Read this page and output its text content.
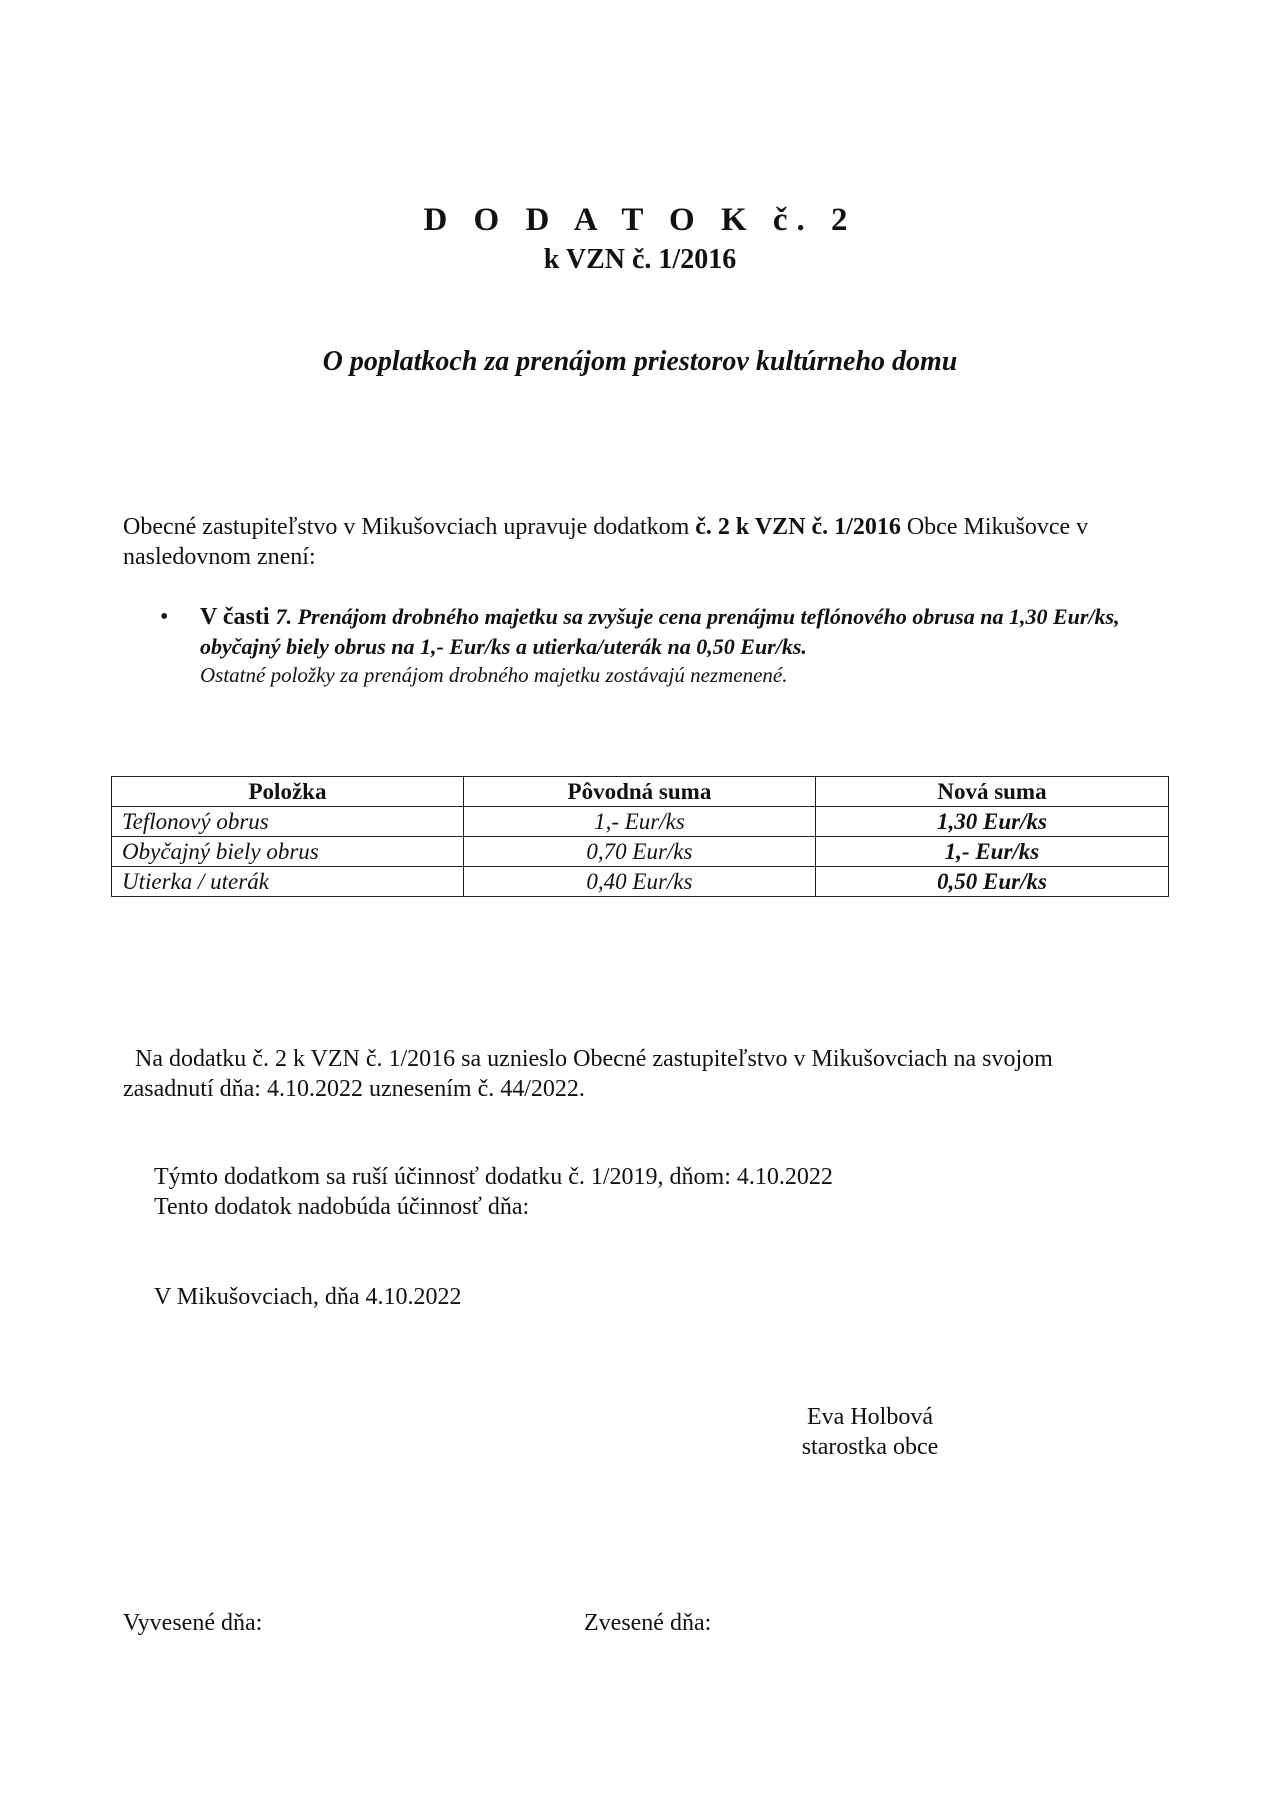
D O D A T O K č. 2
k VZN č. 1/2016
O poplatkoch za prenájom priestorov kultúrneho domu
Obecné zastupiteľstvo v Mikušovciach upravuje dodatkom č. 2 k VZN č. 1/2016 Obce Mikušovce v nasledovnom znení:
• V časti 7. Prenájom drobného majetku sa zvyšuje cena prenájmu teflónového obrusa na 1,30 Eur/ks, obyčajný biely obrus na 1,- Eur/ks a utierka/uterák na 0,50 Eur/ks.
Ostatné položky za prenájom drobného majetku zostávajú nezmenené.
Položka	Pôvodná suma	Nová suma
Teflonový obrus	1,- Eur/ks	1,30 Eur/ks
Obyčajný biely obrus	0,70 Eur/ks	1,- Eur/ks
Utierka / uterák	0,40 Eur/ks	0,50 Eur/ks
Na dodatku č. 2 k VZN č. 1/2016 sa uznieslo Obecné zastupiteľstvo v Mikušovciach na svojom
zasadnutí dňa: 4.10.2022 uznesením č. 44/2022.
Týmto dodatkom sa ruší účinnosť dodatku č. 1/2019, dňom: 4.10.2022
Tento dodatok nadobúda účinnosť dňa:
V Mikušovciach, dňa 4.10.2022
Eva Holbová
starostka obce
Vyvesené dňa:	Zvesené dňa:
